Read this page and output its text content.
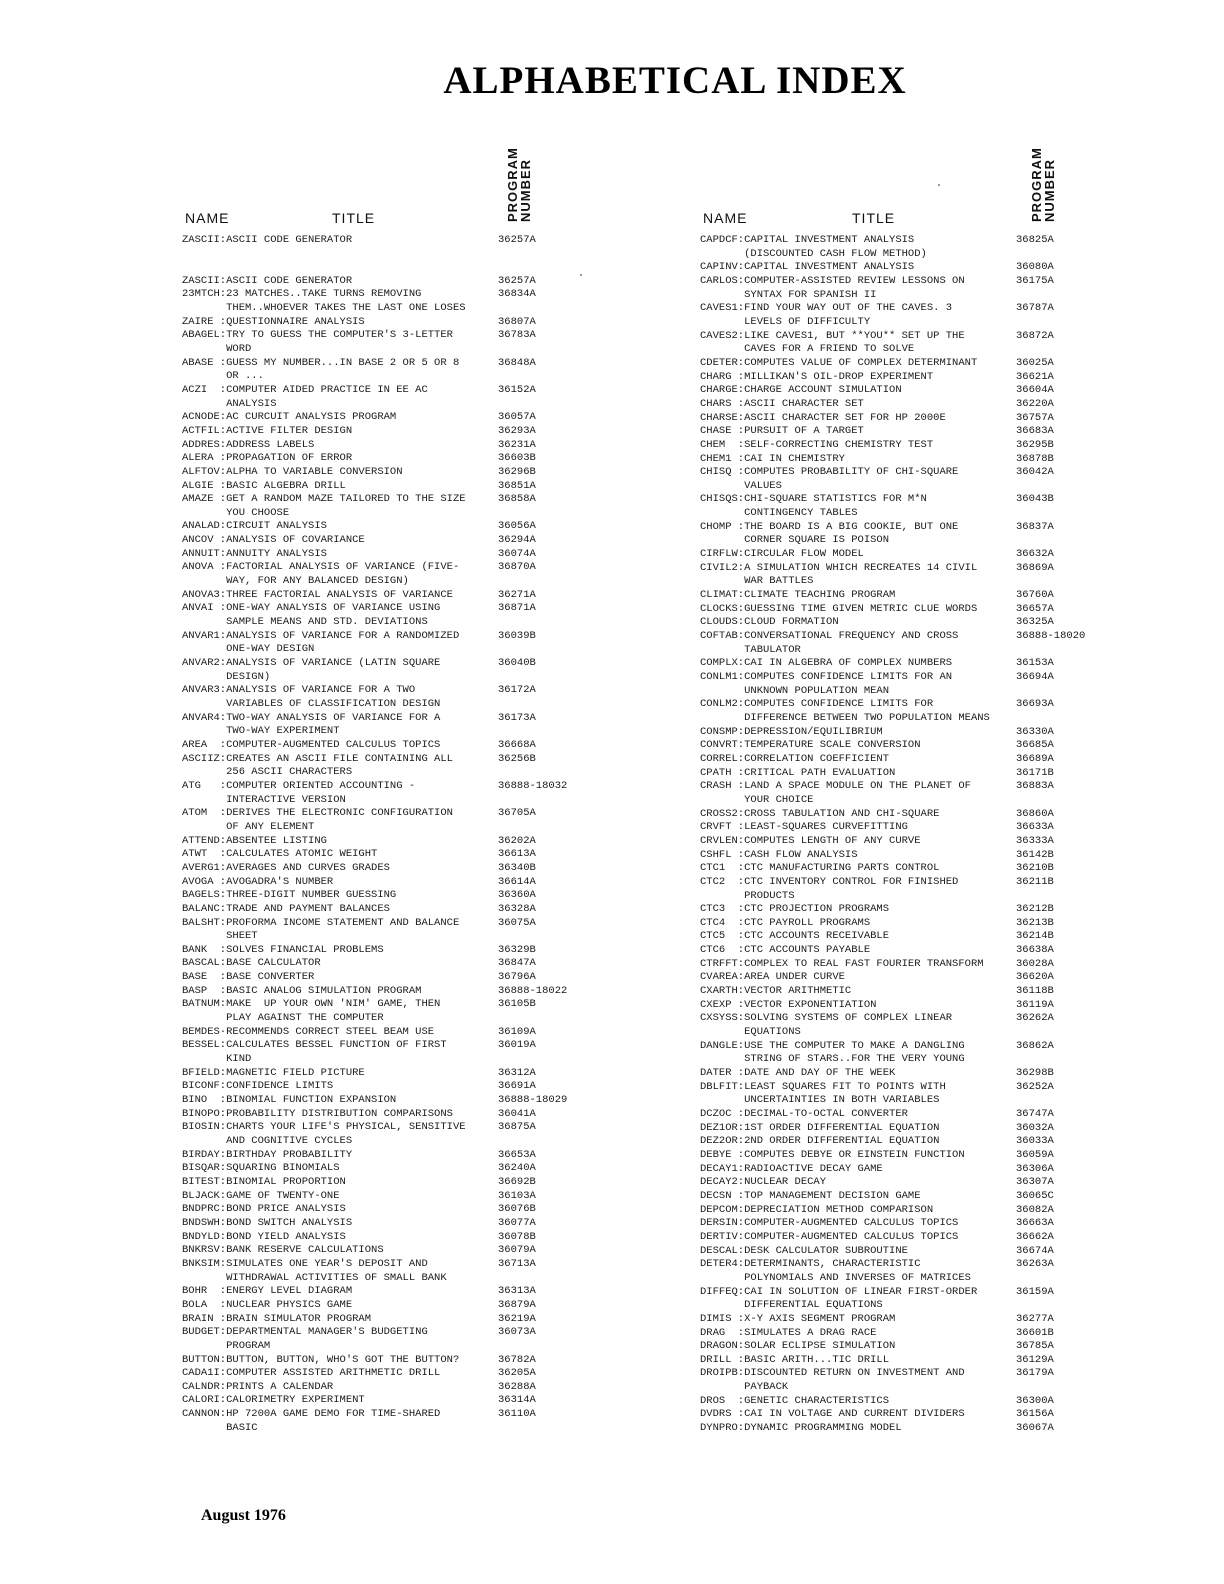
ALPHABETICAL INDEX
NAME	TITLE	PROGRAM
NUMBER
ZASCII:ASCII CODE GENERATOR	36257A
ZASCII:ASCII CODE GENERATOR	36257A
23MTCH:23 MATCHES..TAKE TURNS REMOVING	36834A
THEM..WHOEVER TAKES THE LAST ONE LOSES
ZAIRE :QUESTIONNAIRE ANALYSIS	36807A
ABAGEL:TRY TO GUESS THE COMPUTER'S 3-LETTER	36783A
WORD
ABASE :GUESS MY NUMBER...IN BASE 2 OR 5 OR 8	36848A
OR ...
ACZI  :COMPUTER AIDED PRACTICE IN EE AC	36152A
ANALYSIS
ACNODE:AC CURCUIT ANALYSIS PROGRAM	36057A
ACTFIL:ACTIVE FILTER DESIGN	36293A
ADDRES:ADDRESS LABELS	36231A
ALERA :PROPAGATION OF ERROR	36603B
ALFTOV:ALPHA TO VARIABLE CONVERSION	36296B
ALGIE :BASIC ALGEBRA DRILL	36851A
AMAZE :GET A RANDOM MAZE TAILORED TO THE SIZE	36858A
YOU CHOOSE
ANALAD:CIRCUIT ANALYSIS	36056A
ANCOV :ANALYSIS OF COVARIANCE	36294A
ANNUIT:ANNUITY ANALYSIS	36074A
ANOVA :FACTORIAL ANALYSIS OF VARIANCE (FIVE-	36870A
WAY, FOR ANY BALANCED DESIGN)
ANOVA3:THREE FACTORIAL ANALYSIS OF VARIANCE	36271A
ANVAI :ONE-WAY ANALYSIS OF VARIANCE USING	36871A
SAMPLE MEANS AND STD. DEVIATIONS
ANVAR1:ANALYSIS OF VARIANCE FOR A RANDOMIZED	36039B
ONE-WAY DESIGN
ANVAR2:ANALYSIS OF VARIANCE (LATIN SQUARE	36040B
DESIGN)
ANVAR3:ANALYSIS OF VARIANCE FOR A TWO	36172A
VARIABLES OF CLASSIFICATION DESIGN
ANVAR4:TWO-WAY ANALYSIS OF VARIANCE FOR A	36173A
TWO-WAY EXPERIMENT
AREA  :COMPUTER-AUGMENTED CALCULUS TOPICS	36668A
ASCIIZ:CREATES AN ASCII FILE CONTAINING ALL	36256B
256 ASCII CHARACTERS
ATG   :COMPUTER ORIENTED ACCOUNTING -	36888-18032
INTERACTIVE VERSION
ATOM  :DERIVES THE ELECTRONIC CONFIGURATION	36705A
OF ANY ELEMENT
ATTEND:ABSENTEE LISTING	36202A
ATWT  :CALCULATES ATOMIC WEIGHT	36613A
AVERG1:AVERAGES AND CURVES GRADES	36340B
AVOGA :AVOGADRA'S NUMBER	36614A
BAGELS:THREE-DIGIT NUMBER GUESSING	36360A
BALANC:TRADE AND PAYMENT BALANCES	36328A
BALSHT:PROFORMA INCOME STATEMENT AND BALANCE	36075A
SHEET
BANK  :SOLVES FINANCIAL PROBLEMS	36329B
BASCAL:BASE CALCULATOR	36847A
BASE  :BASE CONVERTER	36796A
BASP  :BASIC ANALOG SIMULATION PROGRAM	36888-18022
BATNUM:MAKE  UP YOUR OWN 'NIM' GAME, THEN	36105B
PLAY AGAINST THE COMPUTER
BEMDES·RECOMMENDS CORRECT STEEL BEAM USE	36109A
BESSEL:CALCULATES BESSEL FUNCTION OF FIRST	36019A
KIND
BFIELD:MAGNETIC FIELD PICTURE	36312A
BICONF:CONFIDENCE LIMITS	36691A
BINO  :BINOMIAL FUNCTION EXPANSION	36888-18029
BINOPO:PROBABILITY DISTRIBUTION COMPARISONS	36041A
BIOSIN:CHARTS YOUR LIFE'S PHYSICAL, SENSITIVE	36875A
AND COGNITIVE CYCLES
BIRDAY:BIRTHDAY PROBABILITY	36653A
BISQAR:SQUARING BINOMIALS	36240A
BITEST:BINOMIAL PROPORTION	36692B
BLJACK:GAME OF TWENTY-ONE	36103A
BNDPRC:BOND PRICE ANALYSIS	36076B
BNDSWH:BOND SWITCH ANALYSIS	36077A
BNDYLD:BOND YIELD ANALYSIS	36078B
BNKRSV:BANK RESERVE CALCULATIONS	36079A
BNKSIM:SIMULATES ONE YEAR'S DEPOSIT AND	36713A
WITHDRAWAL ACTIVITIES OF SMALL BANK
BOHR  :ENERGY LEVEL DIAGRAM	36313A
BOLA  :NUCLEAR PHYSICS GAME	36879A
BRAIN :BRAIN SIMULATOR PROGRAM	36219A
BUDGET:DEPARTMENTAL MANAGER'S BUDGETING	36073A
PROGRAM
BUTTON:BUTTON, BUTTON, WHO'S GOT THE BUTTON?	36782A
CADA1I:COMPUTER ASSISTED ARITHMETIC DRILL	36205A
CALNDR:PRINTS A CALENDAR	36288A
CALORI:CALORIMETRY EXPERIMENT	36314A
CANNON:HP 7200A GAME DEMO FOR TIME-SHARED	36110A
BASIC
NAME	TITLE	PROGRAM
NUMBER
CAPDCF:CAPITAL INVESTMENT ANALYSIS	36825A
(DISCOUNTED CASH FLOW METHOD)
CAPINV:CAPITAL INVESTMENT ANALYSIS	36080A
CARLOS:COMPUTER-ASSISTED REVIEW LESSONS ON	36175A
SYNTAX FOR SPANISH II
CAVES1:FIND YOUR WAY OUT OF THE CAVES. 3	36787A
LEVELS OF DIFFICULTY
CAVES2:LIKE CAVES1, BUT **YOU** SET UP THE	36872A
CAVES FOR A FRIEND TO SOLVE
CDETER:COMPUTES VALUE OF COMPLEX DETERMINANT	36025A
CHARG :MILLIKAN'S OIL-DROP EXPERIMENT	36621A
CHARGE:CHARGE ACCOUNT SIMULATION	36604A
CHARS :ASCII CHARACTER SET	36220A
CHARSE:ASCII CHARACTER SET FOR HP 2000E	36757A
CHASE :PURSUIT OF A TARGET	36683A
CHEM  :SELF-CORRECTING CHEMISTRY TEST	36295B
CHEM1 :CAI IN CHEMISTRY	36878B
CHISQ :COMPUTES PROBABILITY OF CHI-SQUARE	36042A
VALUES
CHISQS:CHI-SQUARE STATISTICS FOR M*N	36043B
CONTINGENCY TABLES
CHOMP :THE BOARD IS A BIG COOKIE, BUT ONE	36837A
CORNER SQUARE IS POISON
CIRFLW:CIRCULAR FLOW MODEL	36632A
CIVIL2:A SIMULATION WHICH RECREATES 14 CIVIL	36869A
WAR BATTLES
CLIMAT:CLIMATE TEACHING PROGRAM	36760A
CLOCKS:GUESSING TIME GIVEN METRIC CLUE WORDS	36657A
CLOUDS:CLOUD FORMATION	36325A
COFTAB:CONVERSATIONAL FREQUENCY AND CROSS	36888-18020
TABULATOR
COMPLX:CAI IN ALGEBRA OF COMPLEX NUMBERS	36153A
CONLM1:COMPUTES CONFIDENCE LIMITS FOR AN	36694A
UNKNOWN POPULATION MEAN
CONLM2:COMPUTES CONFIDENCE LIMITS FOR	36693A
DIFFERENCE BETWEEN TWO POPULATION MEANS
CONSMP:DEPRESSION/EQUILIBRIUM	36330A
CONVRT:TEMPERATURE SCALE CONVERSION	36685A
CORREL:CORRELATION COEFFICIENT	36689A
CPATH :CRITICAL PATH EVALUATION	36171B
CRASH :LAND A SPACE MODULE ON THE PLANET OF	36883A
YOUR CHOICE
CROSS2:CROSS TABULATION AND CHI-SQUARE	36860A
CRVFT :LEAST-SQUARES CURVEFITTING	36633A
CRVLEN:COMPUTES LENGTH OF ANY CURVE	36333A
CSHFL :CASH FLOW ANALYSIS	36142B
CTC1  :CTC MANUFACTURING PARTS CONTROL	36210B
CTC2  :CTC INVENTORY CONTROL FOR FINISHED	36211B
PRODUCTS
CTC3  :CTC PROJECTION PROGRAMS	36212B
CTC4  :CTC PAYROLL PROGRAMS	36213B
CTC5  :CTC ACCOUNTS RECEIVABLE	36214B
CTC6  :CTC ACCOUNTS PAYABLE	36638A
CTRFFT:COMPLEX TO REAL FAST FOURIER TRANSFORM	36028A
CVAREA:AREA UNDER CURVE	36620A
CXARTH:VECTOR ARITHMETIC	36118B
CXEXP :VECTOR EXPONENTIATION	36119A
CXSYSS:SOLVING SYSTEMS OF COMPLEX LINEAR	36262A
EQUATIONS
DANGLE:USE THE COMPUTER TO MAKE A DANGLING	36862A
STRING OF STARS..FOR THE VERY YOUNG
DATER :DATE AND DAY OF THE WEEK	36298B
DBLFIT:LEAST SQUARES FIT TO POINTS WITH	36252A
UNCERTAINTIES IN BOTH VARIABLES
DCZOC :DECIMAL-TO-OCTAL CONVERTER	36747A
DEZ1OR:1ST ORDER DIFFERENTIAL EQUATION	36032A
DEZ2OR:2ND ORDER DIFFERENTIAL EQUATION	36033A
DEBYE :COMPUTES DEBYE OR EINSTEIN FUNCTION	36059A
DECAY1:RADIOACTIVE DECAY GAME	36306A
DECAY2:NUCLEAR DECAY	36307A
DECSN :TOP MANAGEMENT DECISION GAME	36065C
DEPCOM:DEPRECIATION METHOD COMPARISON	36082A
DERSIN:COMPUTER-AUGMENTED CALCULUS TOPICS	36663A
DERTIV:COMPUTER-AUGMENTED CALCULUS TOPICS	36662A
DESCAL:DESK CALCULATOR SUBROUTINE	36674A
DETER4:DETERMINANTS, CHARACTERISTIC	36263A
POLYNOMIALS AND INVERSES OF MATRICES
DIFFEQ:CAI IN SOLUTION OF LINEAR FIRST-ORDER	36159A
DIFFERENTIAL EQUATIONS
DIMIS :X-Y AXIS SEGMENT PROGRAM	36277A
DRAG  :SIMULATES A DRAG RACE	36601B
DRAGON:SOLAR ECLIPSE SIMULATION	36785A
DRILL :BASIC ARITH...TIC DRILL	36129A
DROIPB:DISCOUNTED RETURN ON INVESTMENT AND	36179A
PAYBACK
DROS  :GENETIC CHARACTERISTICS	36300A
DVDRS :CAI IN VOLTAGE AND CURRENT DIVIDERS	36156A
DYNPRO:DYNAMIC PROGRAMMING MODEL	36067A
August 1976
